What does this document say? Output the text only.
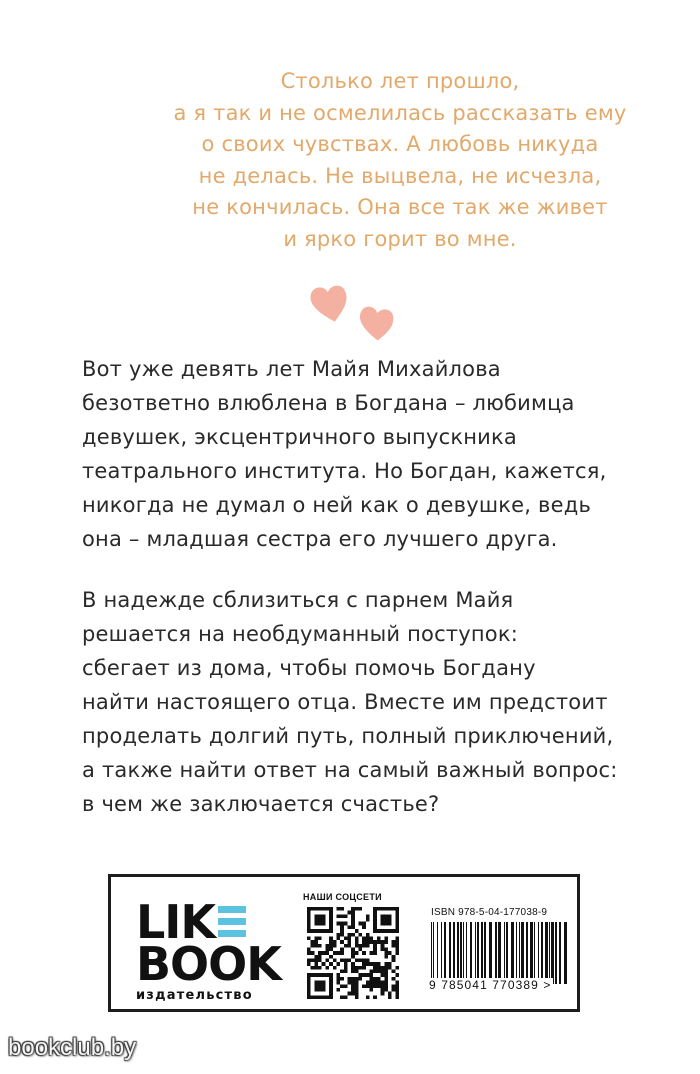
Столько лет прошло,
а я так и не осмелилась рассказать ему
о своих чувствах. А любовь никуда
не делась. Не выцвела, не исчезла,
не кончилась. Она все так же живет
и ярко горит во мне.
Вот уже девять лет Майя Михайлова
безответно влюблена в Богдана – любимца
девушек, эксцентричного выпускника
театрального института. Но Богдан, кажется,
никогда не думал о ней как о девушке, ведь
она – младшая сестра его лучшего друга.
В надежде сблизиться с парнем Майя
решается на необдуманный поступок:
сбегает из дома, чтобы помочь Богдану
найти настоящего отца. Вместе им предстоит
проделать долгий путь, полный приключений,
а также найти ответ на самый важный вопрос:
в чем же заключается счастье?
LIK
BOOK
издательство
НАШИ СОЦСЕТИ
ISBN 978-5-04-177038-9
9 785041 770389 >
bookclub.by
